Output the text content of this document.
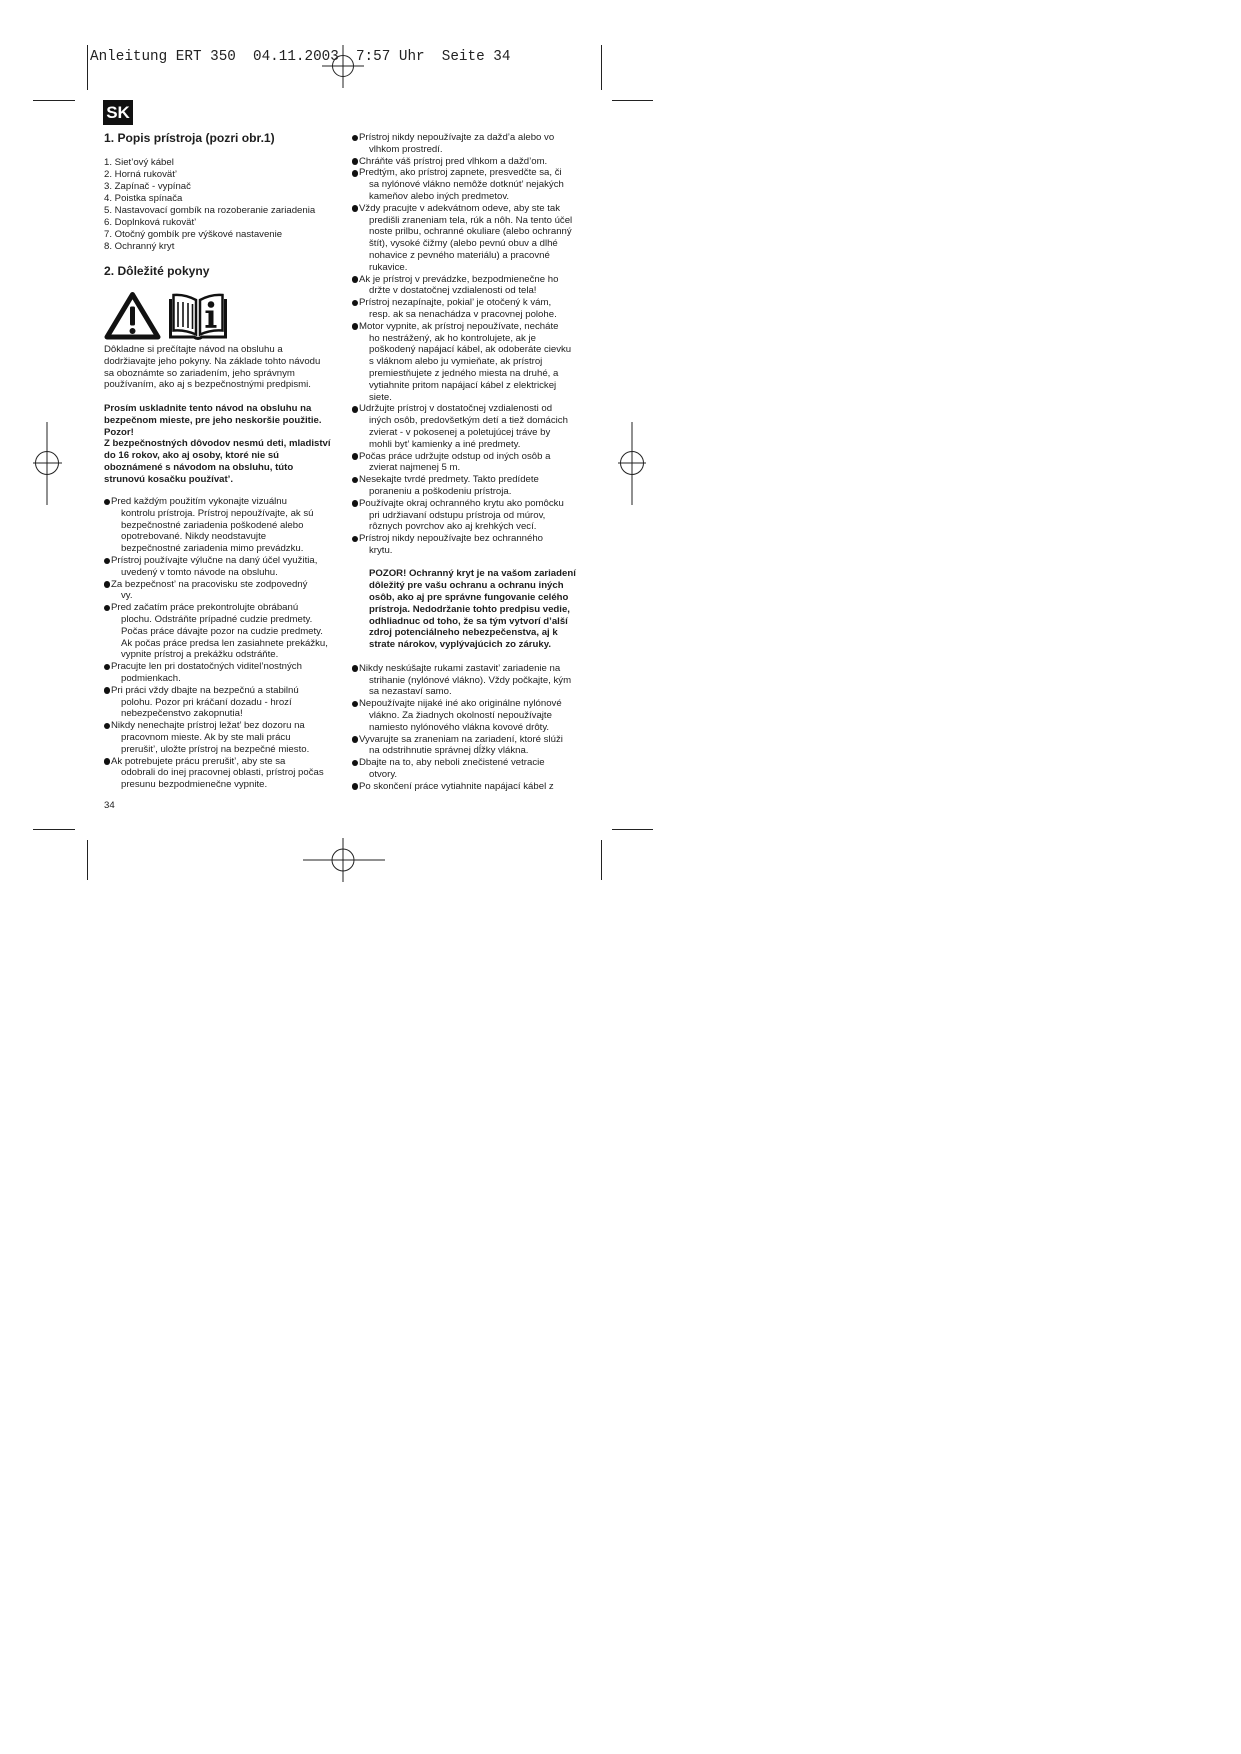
Anleitung ERT 350  04.11.2003  7:57 Uhr  Seite 34
SK
1. Popis prístroja (pozri obr.1)
1. Siet’ový kábel
2. Horná rukovät’
3. Zapínač - vypínač
4. Poistka spínača
5. Nastavovací gombík na rozoberanie zariadenia
6. Doplnková rukovät’
7. Otočný gombík pre výškové nastavenie
8. Ochranný kryt
2. Dôležité pokyny
Dôkladne si prečítajte návod na obsluhu a
dodržiavajte jeho pokyny. Na základe tohto návodu
sa oboznámte so zariadením, jeho správnym
používaním, ako aj s bezpečnostnými predpismi.
Prosím uskladnite tento návod na obsluhu na
bezpečnom mieste, pre jeho neskoršie použitie.
Pozor!
Z bezpečnostných dôvodov nesmú deti, mladiství
do 16 rokov, ako aj osoby, ktoré nie sú
oboznámené s návodom na obsluhu, túto
strunovú kosačku používat’.
Pred každým použitím vykonajte vizuálnu
kontrolu prístroja. Prístroj nepoužívajte, ak sú
bezpečnostné zariadenia poškodené alebo
opotrebované. Nikdy neodstavujte
bezpečnostné zariadenia mimo prevádzku.
Prístroj používajte výlučne na daný účel využitia,
uvedený v tomto návode na obsluhu.
Za bezpečnost’ na pracovisku ste zodpovedný
vy.
Pred začatím práce prekontrolujte obrábanú
plochu. Odstráňte prípadné cudzie predmety.
Počas práce dávajte pozor na cudzie predmety.
Ak počas práce predsa len zasiahnete prekážku,
vypnite prístroj a prekážku odstráňte.
Pracujte len pri dostatočných viditel’nostných
podmienkach.
Pri práci vždy dbajte na bezpečnú a stabilnú
polohu. Pozor pri kráčaní dozadu - hrozí
nebezpečenstvo zakopnutia!
Nikdy nenechajte prístroj ležat’ bez dozoru na
pracovnom mieste. Ak by ste mali prácu
prerušit’, uložte prístroj na bezpečné miesto.
Ak potrebujete prácu prerušit’, aby ste sa
odobrali do inej pracovnej oblasti, prístroj počas
presunu bezpodmienečne vypnite.
Prístroj nikdy nepoužívajte za dažd’a alebo vo
vlhkom prostredí.
Chráňte váš prístroj pred vlhkom a dažd’om.
Predtým, ako prístroj zapnete, presvedčte sa, či
sa nylónové vlákno nemôže dotknút’ nejakých
kameňov alebo iných predmetov.
Vždy pracujte v adekvátnom odeve, aby ste tak
predišli zraneniam tela, rúk a nôh. Na tento účel
noste prilbu, ochranné okuliare (alebo ochranný
štít), vysoké čižmy (alebo pevnú obuv a dlhé
nohavice z pevného materiálu) a pracovné
rukavice.
Ak je prístroj v prevádzke, bezpodmienečne ho
držte v dostatočnej vzdialenosti od tela!
Prístroj nezapínajte, pokial’ je otočený k vám,
resp. ak sa nenachádza v pracovnej polohe.
Motor vypnite, ak prístroj nepoužívate, necháte
ho nestrážený, ak ho kontrolujete, ak je
poškodený napájací kábel, ak odoberáte cievku
s vláknom alebo ju vymieňate, ak prístroj
premiestňujete z jedného miesta na druhé, a
vytiahnite pritom napájací kábel z elektrickej
siete.
Udržujte prístroj v dostatočnej vzdialenosti od
iných osôb, predovšetkým detí a tiež domácich
zvierat - v pokosenej a poletujúcej tráve by
mohli byt’ kamienky a iné predmety.
Počas práce udržujte odstup od iných osôb a
zvierat najmenej 5 m.
Nesekajte tvrdé predmety. Takto predídete
poraneniu a poškodeniu prístroja.
Používajte okraj ochranného krytu ako pomôcku
pri udržiavaní odstupu prístroja od múrov,
rôznych povrchov ako aj krehkých vecí.
Prístroj nikdy nepoužívajte bez ochranného
krytu.
POZOR! Ochranný kryt je na vašom zariadení
dôležitý pre vašu ochranu a ochranu iných
osôb, ako aj pre správne fungovanie celého
prístroja. Nedodržanie tohto predpisu vedie,
odhliadnuc od toho, že sa tým vytvorí d’alší
zdroj potenciálneho nebezpečenstva, aj k
strate nárokov, vyplývajúcich zo záruky.
Nikdy neskúšajte rukami zastavit’ zariadenie na
strihanie (nylónové vlákno). Vždy počkajte, kým
sa nezastaví samo.
Nepoužívajte nijaké iné ako originálne nylónové
vlákno. Za žiadnych okolností nepoužívajte
namiesto nylónového vlákna kovové drôty.
Vyvarujte sa zraneniam na zariadení, ktoré slúži
na odstrihnutie správnej dĺžky vlákna.
Dbajte na to, aby neboli znečistené vetracie
otvory.
Po skončení práce vytiahnite napájací kábel z
34
